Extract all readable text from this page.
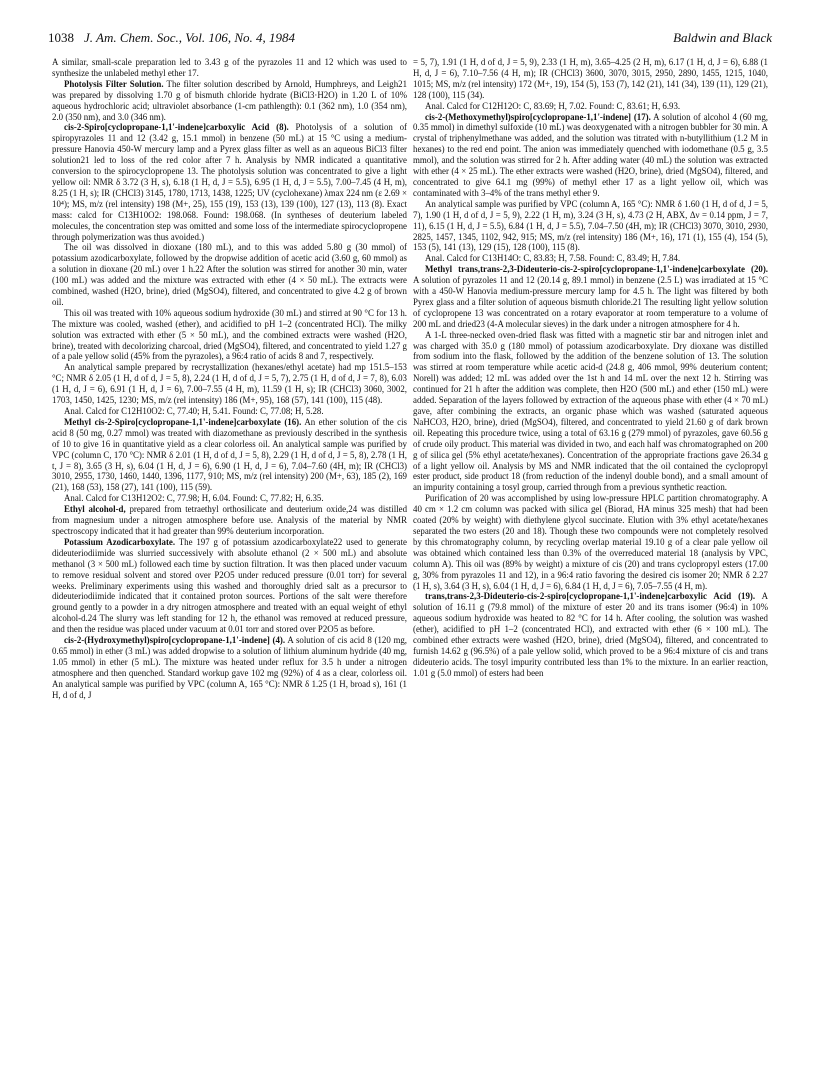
1038 J. Am. Chem. Soc., Vol. 106, No. 4, 1984	Baldwin and Black

A similar, small-scale preparation led to 3.43 g of the pyrazoles 11 and 12 which was used to synthesize the unlabeled methyl ether 17.

Photolysis Filter Solution. The filter solution described by Arnold, Humphreys, and Leigh21 was prepared by dissolving 1.70 g of bismuth chloride hydrate (BiCl3·H2O) in 1.20 L of 10% aqueous hydrochloric acid; ultraviolet absorbance (1-cm pathlength): 0.1 (362 nm), 1.0 (354 nm), 2.0 (350 nm), and 3.0 (346 nm).

cis-2-Spiro[cyclopropane-1,1'-indene]carboxylic Acid (8). Photolysis of a solution of spiropyrazoles 11 and 12 (3.42 g, 15.1 mmol) in benzene (50 mL) at 15 °C using a medium-pressure Hanovia 450-W mercury lamp and a Pyrex glass filter as well as an aqueous BiCl3 filter solution21 led to loss of the red color after 7 h. Analysis by NMR indicated a quantitative conversion to the spirocyclopropene 13. The photolysis solution was concentrated to give a light yellow oil: NMR δ 3.72 (3 H, s), 6.18 (1 H, d, J = 5.5), 6.95 (1 H, d, J = 5.5), 7.00–7.45 (4 H, m), 8.25 (1 H, s); IR (CHCl3) 3145, 1780, 1713, 1438, 1225; UV (cyclohexane) λmax 224 nm (ε 2.69 × 10⁴); MS, m/z (rel intensity) 198 (M+, 25), 155 (19), 153 (13), 139 (100), 127 (13), 113 (8). Exact mass: calcd for C13H10O2: 198.068. Found: 198.068. (In syntheses of deuterium labeled molecules, the concentration step was omitted and some loss of the intermediate spirocyclopropene through polymerization was thus avoided.)

The oil was dissolved in dioxane (180 mL), and to this was added 5.80 g (30 mmol) of potassium azodicarboxylate, followed by the dropwise addition of acetic acid (3.60 g, 60 mmol) as a solution in dioxane (20 mL) over 1 h.22 After the solution was stirred for another 30 min, water (100 mL) was added and the mixture was extracted with ether (4 × 50 mL). The extracts were combined, washed (H2O, brine), dried (MgSO4), filtered, and concentrated to give 4.2 g of brown oil.

This oil was treated with 10% aqueous sodium hydroxide (30 mL) and stirred at 90 °C for 13 h. The mixture was cooled, washed (ether), and acidified to pH 1–2 (concentrated HCl). The milky solution was extracted with ether (5 × 50 mL), and the combined extracts were washed (H2O, brine), treated with decolorizing charcoal, dried (MgSO4), filtered, and concentrated to yield 1.27 g of a pale yellow solid (45% from the pyrazoles), a 96:4 ratio of acids 8 and 7, respectively.

An analytical sample prepared by recrystallization (hexanes/ethyl acetate) had mp 151.5–153 °C; NMR δ 2.05 (1 H, d of d, J = 5, 8), 2.24 (1 H, d of d, J = 5, 7), 2.75 (1 H, d of d, J = 7, 8), 6.03 (1 H, d, J = 6), 6.91 (1 H, d, J = 6), 7.00–7.55 (4 H, m), 11.59 (1 H, s); IR (CHCl3) 3060, 3002, 1703, 1450, 1425, 1230; MS, m/z (rel intensity) 186 (M+, 95), 168 (57), 141 (100), 115 (48).

Anal. Calcd for C12H10O2: C, 77.40; H, 5.41. Found: C, 77.08; H, 5.28.

Methyl cis-2-Spiro[cyclopropane-1,1'-indene]carboxylate (16). An ether solution of the cis acid 8 (50 mg, 0.27 mmol) was treated with diazomethane as previously described in the synthesis of 10 to give 16 in quantitative yield as a clear colorless oil. An analytical sample was purified by VPC (column C, 170 °C): NMR δ 2.01 (1 H, d of d, J = 5, 8), 2.29 (1 H, d of d, J = 5, 8), 2.78 (1 H, t, J = 8), 3.65 (3 H, s), 6.04 (1 H, d, J = 6), 6.90 (1 H, d, J = 6), 7.04–7.60 (4H, m); IR (CHCl3) 3010, 2955, 1730, 1460, 1440, 1396, 1177, 910; MS, m/z (rel intensity) 200 (M+, 63), 185 (2), 169 (21), 168 (53), 158 (27), 141 (100), 115 (59).

Anal. Calcd for C13H12O2: C, 77.98; H, 6.04. Found: C, 77.82; H, 6.35.

Ethyl alcohol-d, prepared from tetraethyl orthosilicate and deuterium oxide,24 was distilled from magnesium under a nitrogen atmosphere before use. Analysis of the material by NMR spectroscopy indicated that it had greater than 99% deuterium incorporation.

Potassium Azodicarboxylate. The 197 g of potassium azodicarboxylate22 used to generate dideuteriodiimide was slurried successively with absolute ethanol (2 × 500 mL) and absolute methanol (3 × 500 mL) followed each time by suction filtration. It was then placed under vacuum to remove residual solvent and stored over P2O5 under reduced pressure (0.01 torr) for several weeks. Preliminary experiments using this washed and thoroughly dried salt as a precursor to dideuteriodiimide indicated that it contained proton sources. Portions of the salt were therefore ground gently to a powder in a dry nitrogen atmosphere and treated with an equal weight of ethyl alcohol-d.24 The slurry was left standing for 12 h, the ethanol was removed at reduced pressure, and then the residue was placed under vacuum at 0.01 torr and stored over P2O5 as before.

cis-2-(Hydroxymethyl)spiro[cyclopropane-1,1'-indene] (4). A solution of cis acid 8 (120 mg, 0.65 mmol) in ether (3 mL) was added dropwise to a solution of lithium aluminum hydride (40 mg, 1.05 mmol) in ether (5 mL). The mixture was heated under reflux for 3.5 h under a nitrogen atmosphere and then quenched. Standard workup gave 102 mg (92%) of 4 as a clear, colorless oil. An analytical sample was purified by VPC (column A, 165 °C): NMR δ 1.25 (1 H, broad s), 161 (1 H, d of d, J

= 5, 7), 1.91 (1 H, d of d, J = 5, 9), 2.33 (1 H, m), 3.65–4.25 (2 H, m), 6.17 (1 H, d, J = 6), 6.88 (1 H, d, J = 6), 7.10–7.56 (4 H, m); IR (CHCl3) 3600, 3070, 3015, 2950, 2890, 1455, 1215, 1040, 1015; MS, m/z (rel intensity) 172 (M+, 19), 154 (5), 153 (7), 142 (21), 141 (34), 139 (11), 129 (21), 128 (100), 115 (34).

Anal. Calcd for C12H12O: C, 83.69; H, 7.02. Found: C, 83.61; H, 6.93.

cis-2-(Methoxymethyl)spiro[cyclopropane-1,1'-indene] (17). A solution of alcohol 4 (60 mg, 0.35 mmol) in dimethyl sulfoxide (10 mL) was deoxygenated with a nitrogen bubbler for 30 min. A crystal of triphenylmethane was added, and the solution was titrated with n-butyllithium (1.2 M in hexanes) to the red end point. The anion was immediately quenched with iodomethane (0.5 g, 3.5 mmol), and the solution was stirred for 2 h. After adding water (40 mL) the solution was extracted with ether (4 × 25 mL). The ether extracts were washed (H2O, brine), dried (MgSO4), filtered, and concentrated to give 64.1 mg (99%) of methyl ether 17 as a light yellow oil, which was contaminated with 3–4% of the trans methyl ether 9.

An analytical sample was purified by VPC (column A, 165 °C): NMR δ 1.60 (1 H, d of d, J = 5, 7), 1.90 (1 H, d of d, J = 5, 9), 2.22 (1 H, m), 3.24 (3 H, s), 4.73 (2 H, ABX, Δν = 0.14 ppm, J = 7, 11), 6.15 (1 H, d, J = 5.5), 6.84 (1 H, d, J = 5.5), 7.04–7.50 (4H, m); IR (CHCl3) 3070, 3010, 2930, 2825, 1457, 1345, 1102, 942, 915; MS, m/z (rel intensity) 186 (M+, 16), 171 (1), 155 (4), 154 (5), 153 (5), 141 (13), 129 (15), 128 (100), 115 (8).

Anal. Calcd for C13H14O: C, 83.83; H, 7.58. Found: C, 83.49; H, 7.84.

Methyl trans,trans-2,3-Dideuterio-cis-2-spiro[cyclopropane-1,1'-indene]carboxylate (20). A solution of pyrazoles 11 and 12 (20.14 g, 89.1 mmol) in benzene (2.5 L) was irradiated at 15 °C with a 450-W Hanovia medium-pressure mercury lamp for 4.5 h. The light was filtered by both Pyrex glass and a filter solution of aqueous bismuth chloride.21 The resulting light yellow solution of cyclopropene 13 was concentrated on a rotary evaporator at room temperature to a volume of 200 mL and dried23 (4-A molecular sieves) in the dark under a nitrogen atmosphere for 4 h.

A 1-L three-necked oven-dried flask was fitted with a magnetic stir bar and nitrogen inlet and was charged with 35.0 g (180 mmol) of potassium azodicarboxylate. Dry dioxane was distilled from sodium into the flask, followed by the addition of the benzene solution of 13. The solution was stirred at room temperature while acetic acid-d (24.8 g, 406 mmol, 99% deuterium content; Norell) was added; 12 mL was added over the 1st h and 14 mL over the next 12 h. Stirring was continued for 21 h after the addition was complete, then H2O (500 mL) and ether (150 mL) were added. Separation of the layers followed by extraction of the aqueous phase with ether (4 × 70 mL) gave, after combining the extracts, an organic phase which was washed (saturated aqueous NaHCO3, H2O, brine), dried (MgSO4), filtered, and concentrated to yield 21.60 g of dark brown oil. Repeating this procedure twice, using a total of 63.16 g (279 mmol) of pyrazoles, gave 60.56 g of crude oily product. This material was divided in two, and each half was chromatographed on 200 g of silica gel (5% ethyl acetate/hexanes). Concentration of the appropriate fractions gave 26.34 g of a light yellow oil. Analysis by MS and NMR indicated that the oil contained the cyclopropyl ester product, side product 18 (from reduction of the indenyl double bond), and a small amount of an impurity containing a tosyl group, carried through from a previous synthetic reaction.

Purification of 20 was accomplished by using low-pressure HPLC partition chromatography. A 40 cm × 1.2 cm column was packed with silica gel (Biorad, HA minus 325 mesh) that had been coated (20% by weight) with diethylene glycol succinate. Elution with 3% ethyl acetate/hexanes separated the two esters (20 and 18). Though these two compounds were not completely resolved by this chromatography column, by recycling overlap material 19.10 g of a clear pale yellow oil was obtained which contained less than 0.3% of the overreduced material 18 (analysis by VPC, column A). This oil was (89% by weight) a mixture of cis (20) and trans cyclopropyl esters (17.00 g, 30% from pyrazoles 11 and 12), in a 96:4 ratio favoring the desired cis isomer 20; NMR δ 2.27 (1 H, s), 3.64 (3 H, s), 6.04 (1 H, d, J = 6), 6.84 (1 H, d, J = 6), 7.05–7.55 (4 H, m).

trans,trans-2,3-Dideuterio-cis-2-spiro[cyclopropane-1,1'-indene]carboxylic Acid (19). A solution of 16.11 g (79.8 mmol) of the mixture of ester 20 and its trans isomer (96:4) in 10% aqueous sodium hydroxide was heated to 82 °C for 14 h. After cooling, the solution was washed (ether), acidified to pH 1–2 (concentrated HCl), and extracted with ether (6 × 100 mL). The combined ether extracts were washed (H2O, brine), dried (MgSO4), filtered, and concentrated to furnish 14.62 g (96.5%) of a pale yellow solid, which proved to be a 96:4 mixture of cis and trans dideuterio acids. The tosyl impurity contributed less than 1% to the mixture. In an earlier reaction, 1.01 g (5.0 mmol) of esters had been
